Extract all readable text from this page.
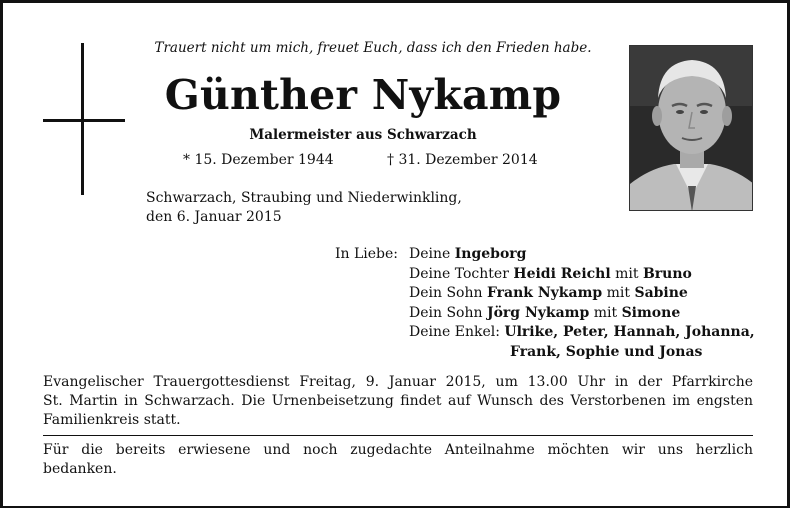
Trauert nicht um mich, freuet Euch, dass ich den Frieden habe.
Günther Nykamp
Malermeister aus Schwarzach
* 15. Dezember 1944	† 31. Dezember 2014
Schwarzach, Straubing und Niederwinkling,
den 6. Januar 2015
In Liebe: Deine Ingeborg
Deine Tochter Heidi Reichl mit Bruno
Dein Sohn Frank Nykamp mit Sabine
Dein Sohn Jörg Nykamp mit Simone
Deine Enkel: Ulrike, Peter, Hannah, Johanna,
Frank, Sophie und Jonas
Evangelischer Trauergottesdienst Freitag, 9. Januar 2015, um 13.00 Uhr in der Pfarrkirche
St. Martin in Schwarzach. Die Urnenbeisetzung findet auf Wunsch des Verstorbenen im engsten
Familienkreis statt.
Für die bereits erwiesene und noch zugedachte Anteilnahme möchten wir uns herzlich
bedanken.
